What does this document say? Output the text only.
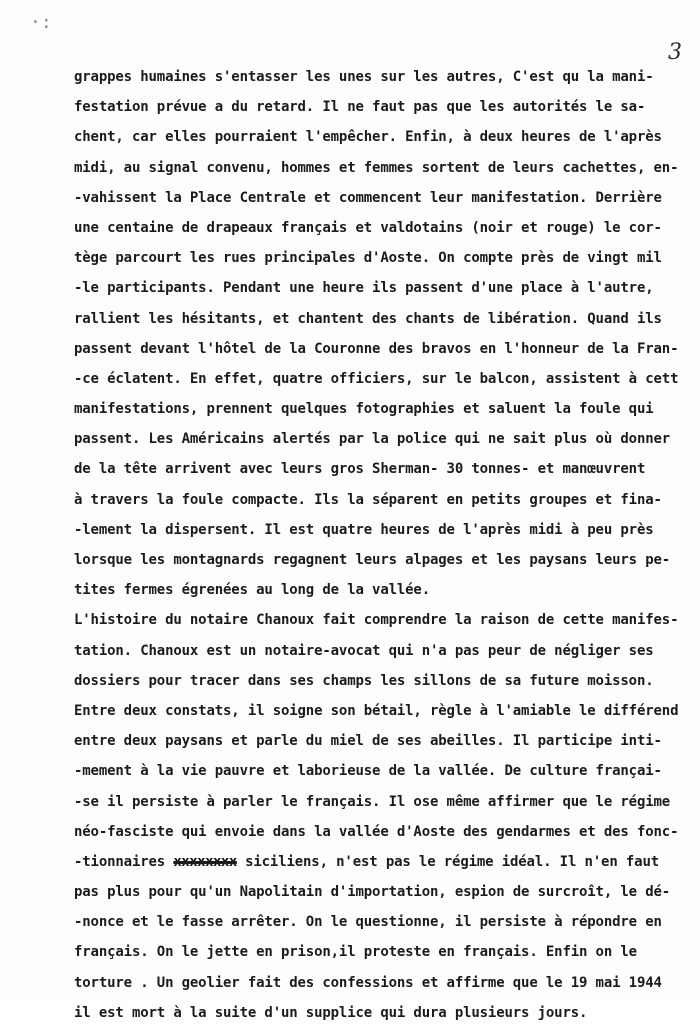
·:
3
grappes humaines s'entasser les unes sur les autres, C'est qu la mani-
festation prévue a du retard. Il ne faut pas que les autorités le sa-
chent, car elles pourraient l'empêcher. Enfin, à deux heures de l'après
midi, au signal convenu, hommes et femmes sortent de leurs cachettes, en-
-vahissent la Place Centrale et commencent leur manifestation. Derrière
une centaine de drapeaux français et valdotains (noir et rouge) le cor-
tège parcourt les rues principales d'Aoste. On compte près de vingt mil
-le participants. Pendant une heure ils passent d'une place à l'autre,
rallient les hésitants, et chantent des chants de libération. Quand ils
passent devant l'hôtel de la Couronne des bravos en l'honneur de la Fran-
-ce éclatent. En effet, quatre officiers, sur le balcon, assistent à cett
manifestations, prennent quelques fotographies et saluent la foule qui
passent. Les Américains alertés par la police qui ne sait plus où donner
de la tête arrivent avec leurs gros Sherman- 30 tonnes- et manœuvrent
à travers la foule compacte. Ils la séparent en petits groupes et fina-
-lement la dispersent. Il est quatre heures de l'après midi à peu près
lorsque les montagnards regagnent leurs alpages et les paysans leurs pe-
tites fermes égrenées au long de la vallée.
L'histoire du notaire Chanoux fait comprendre la raison de cette manifes-
tation. Chanoux est un notaire-avocat qui n'a pas peur de négliger ses
dossiers pour tracer dans ses champs les sillons de sa future moisson.
Entre deux constats, il soigne son bétail, règle à l'amiable le différend
entre deux paysans et parle du miel de ses abeilles. Il participe inti-
-mement à la vie pauvre et laborieuse de la vallée. De culture françai-
-se il persiste à parler le français. Il ose même affirmer que le régime
néo-fasciste qui envoie dans la vallée d'Aoste des gendarmes et des fonc-
-tionnaires xxxxxxxx siciliens, n'est pas le régime idéal. Il n'en faut
pas plus pour qu'un Napolitain d'importation, espion de surcroît, le dé-
-nonce et le fasse arrêter. On le questionne, il persiste à répondre en
français. On le jette en prison,il proteste en français. Enfin on le
torture . Un geolier fait des confessions et affirme que le 19 mai 1944
il est mort à la suite d'un supplice qui dura plusieurs jours.
